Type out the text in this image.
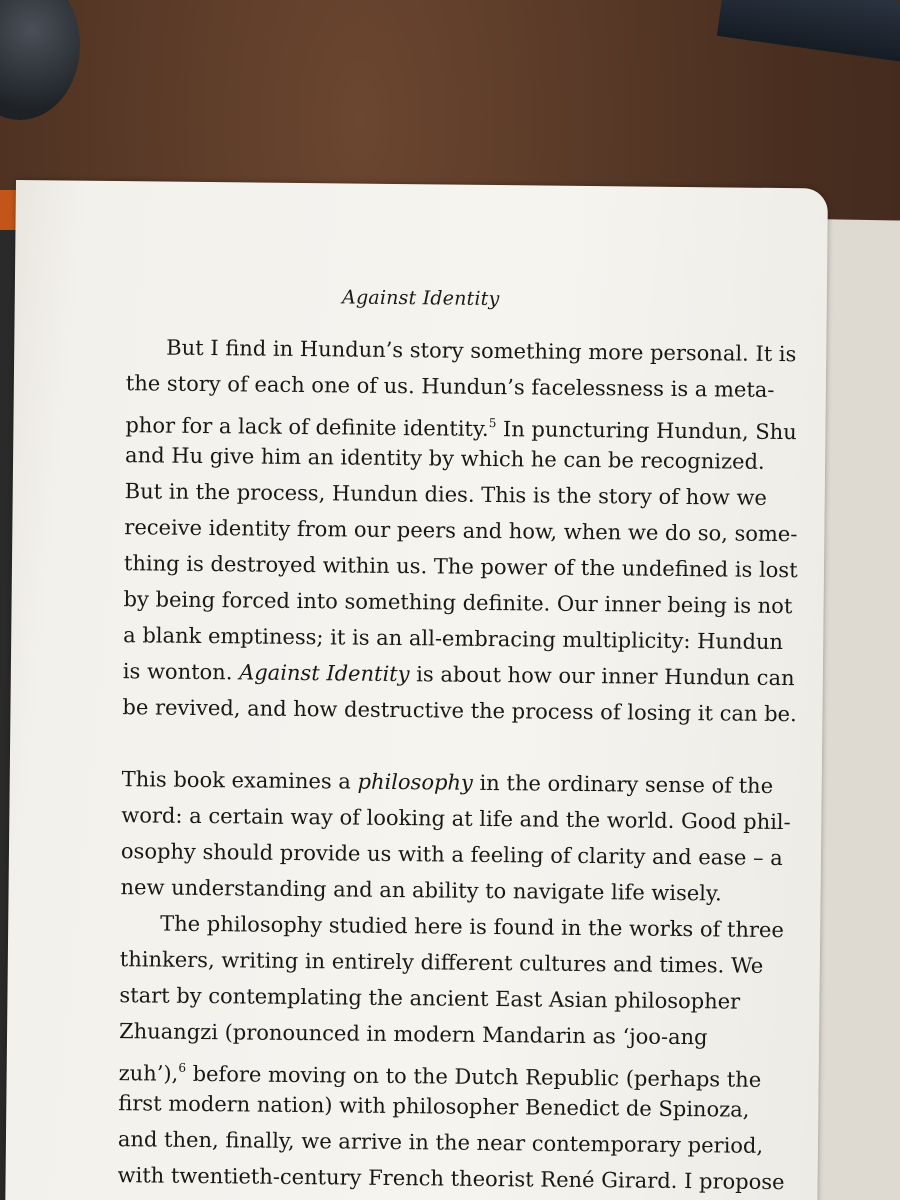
Against Identity
But I find in Hundun’s story something more personal. It is
the story of each one of us. Hundun’s facelessness is a meta-
phor for a lack of definite identity.$^5$ In puncturing Hundun, Shu
and Hu give him an identity by which he can be recognized.
But in the process, Hundun dies. This is the story of how we
receive identity from our peers and how, when we do so, some-
thing is destroyed within us. The power of the undefined is lost
by being forced into something definite. Our inner being is not
a blank emptiness; it is an all-embracing multiplicity: Hundun
is wonton. Against Identity is about how our inner Hundun can
be revived, and how destructive the process of losing it can be.
This book examines a philosophy in the ordinary sense of the
word: a certain way of looking at life and the world. Good phil-
osophy should provide us with a feeling of clarity and ease – a
new understanding and an ability to navigate life wisely.
The philosophy studied here is found in the works of three
thinkers, writing in entirely different cultures and times. We
start by contemplating the ancient East Asian philosopher
Zhuangzi (pronounced in modern Mandarin as ‘joo-ang
zuh’),$^6$ before moving on to the Dutch Republic (perhaps the
first modern nation) with philosopher Benedict de Spinoza,
and then, finally, we arrive in the near contemporary period,
with twentieth-century French theorist René Girard. I propose
